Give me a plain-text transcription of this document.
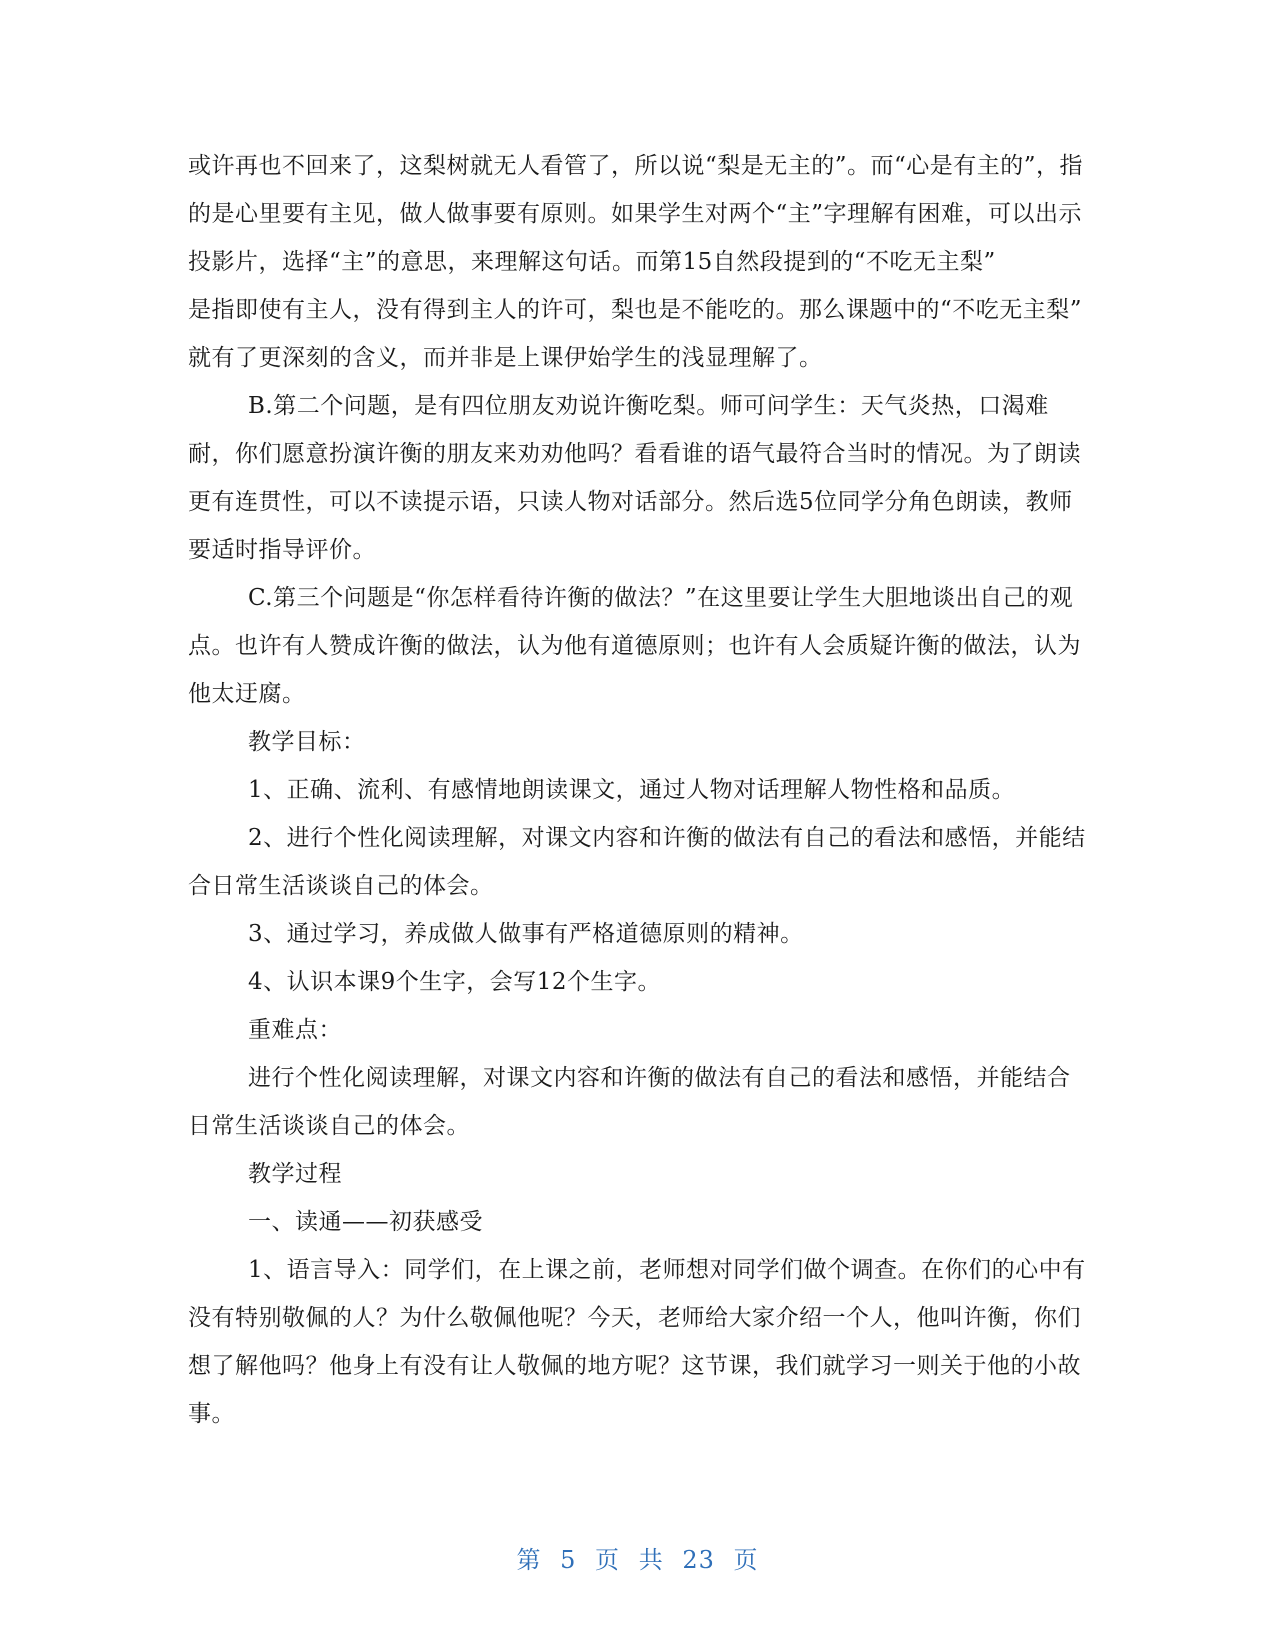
或许再也不回来了，这梨树就无人看管了，所以说“梨是无主的”。而“心是有主的”，指的是心里要有主见，做人做事要有原则。如果学生对两个“主”字理解有困难，可以出示投影片，选择“主”的意思，来理解这句话。而第15自然段提到的“不吃无主梨”

是指即使有主人，没有得到主人的许可，梨也是不能吃的。那么课题中的“不吃无主梨” 就有了更深刻的含义，而并非是上课伊始学生的浅显理解了。

B.第二个问题，是有四位朋友劝说许衡吃梨。师可问学生：天气炎热，口渴难耐，你们愿意扮演许衡的朋友来劝劝他吗？看看谁的语气最符合当时的情况。为了朗读更有连贯性，可以不读提示语，只读人物对话部分。然后选5位同学分角色朗读，教师要适时指导评价。

C.第三个问题是“你怎样看待许衡的做法？”在这里要让学生大胆地谈出自己的观点。也许有人赞成许衡的做法，认为他有道德原则；也许有人会质疑许衡的做法，认为他太迂腐。

教学目标：

1、正确、流利、有感情地朗读课文，通过人物对话理解人物性格和品质。

2、进行个性化阅读理解，对课文内容和许衡的做法有自己的看法和感悟，并能结合日常生活谈谈自己的体会。

3、通过学习，养成做人做事有严格道德原则的精神。

4、认识本课9个生字，会写12个生字。

重难点：

进行个性化阅读理解，对课文内容和许衡的做法有自己的看法和感悟，并能结合日常生活谈谈自己的体会。

教学过程

一、读通——初获感受

1、语言导入：同学们，在上课之前，老师想对同学们做个调查。在你们的心中有没有特别敬佩的人？为什么敬佩他呢？今天，老师给大家介绍一个人，他叫许衡，你们想了解他吗？他身上有没有让人敬佩的地方呢？这节课，我们就学习一则关于他的小故事。

第 5 页 共 23 页
